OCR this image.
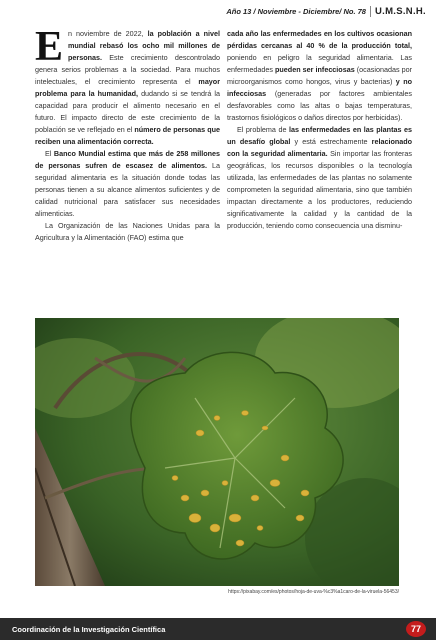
Año 13 / Noviembre - Diciembre/ No. 78 U.M.S.N.H.

En noviembre de 2022, la población a nivel mundial rebasó los ocho mil millones de personas. Este crecimiento descontrolado genera serios problemas a la sociedad. Para muchos intelectuales, el crecimiento representa el mayor problema para la humanidad, dudando si se tendrá la capacidad para producir el alimento necesario en el futuro. El impacto directo de este crecimiento de la población se ve reflejado en el número de personas que reciben una alimentación correcta.

El Banco Mundial estima que más de 258 millones de personas sufren de escasez de alimentos. La seguridad alimentaria es la situación donde todas las personas tienen a su alcance alimentos suficientes y de calidad nutricional para satisfacer sus necesidades alimenticias.

La Organización de las Naciones Unidas para la Agricultura y la Alimentación (FAO) estima que

cada año las enfermedades en los cultivos ocasionan pérdidas cercanas al 40 % de la producción total, poniendo en peligro la seguridad alimentaria. Las enfermedades pueden ser infecciosas (ocasionadas por microorganismos como hongos, virus y bacterias) y no infecciosas (generadas por factores ambientales desfavorables como las altas o bajas temperaturas, trastornos fisiológicos o daños directos por herbicidas).

El problema de las enfermedades en las plantas es un desafío global y está estrechamente relacionado con la seguridad alimentaria. Sin importar las fronteras geográficas, los recursos disponibles o la tecnología utilizada, las enfermedades de las plantas no solamente comprometen la seguridad alimentaria, sino que también impactan directamente a los productores, reduciendo significativamente la calidad y la cantidad de la producción, teniendo como consecuencia una disminu-

https://pixabay.com/es/photos/hoja-de-uva-%c3%a1caro-de-la-viruela-56453/
Coordinación de la Investigación Científica	77
